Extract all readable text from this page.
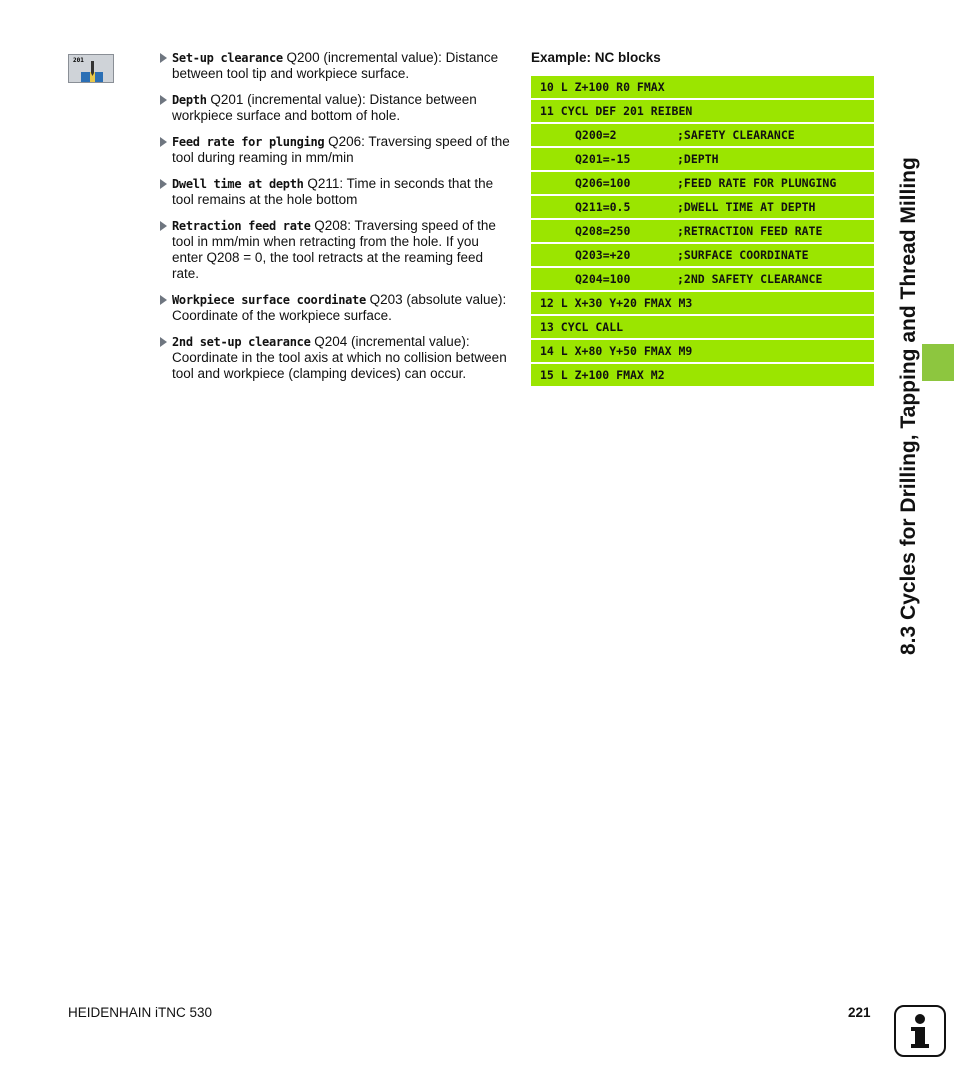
201	Set-up clearance Q200 (incremental value): Distance between tool tip and workpiece surface.
Depth Q201 (incremental value): Distance between workpiece surface and bottom of hole.
Feed rate for plunging Q206: Traversing speed of the tool during reaming in mm/min
Dwell time at depth Q211: Time in seconds that the tool remains at the hole bottom
Retraction feed rate Q208: Traversing speed of the tool in mm/min when retracting from the hole. If you enter Q208 = 0, the tool retracts at the reaming feed rate.
Workpiece surface coordinate Q203 (absolute value): Coordinate of the workpiece surface.
2nd set-up clearance Q204 (incremental value): Coordinate in the tool axis at which no collision between tool and workpiece (clamping devices) can occur.
Example: NC blocks
10 L Z+100 R0 FMAX
11 CYCL DEF 201 REIBEN
Q200=2	;SAFETY CLEARANCE
Q201=-15	;DEPTH
Q206=100	;FEED RATE FOR PLUNGING
Q211=0.5	;DWELL TIME AT DEPTH
Q208=250	;RETRACTION FEED RATE
Q203=+20	;SURFACE COORDINATE
Q204=100	;2ND SAFETY CLEARANCE
12 L X+30 Y+20 FMAX M3
13 CYCL CALL
14 L X+80 Y+50 FMAX M9
15 L Z+100 FMAX M2	8.3 Cycles for Drilling, Tapping and Thread Milling
HEIDENHAIN iTNC 530	221
